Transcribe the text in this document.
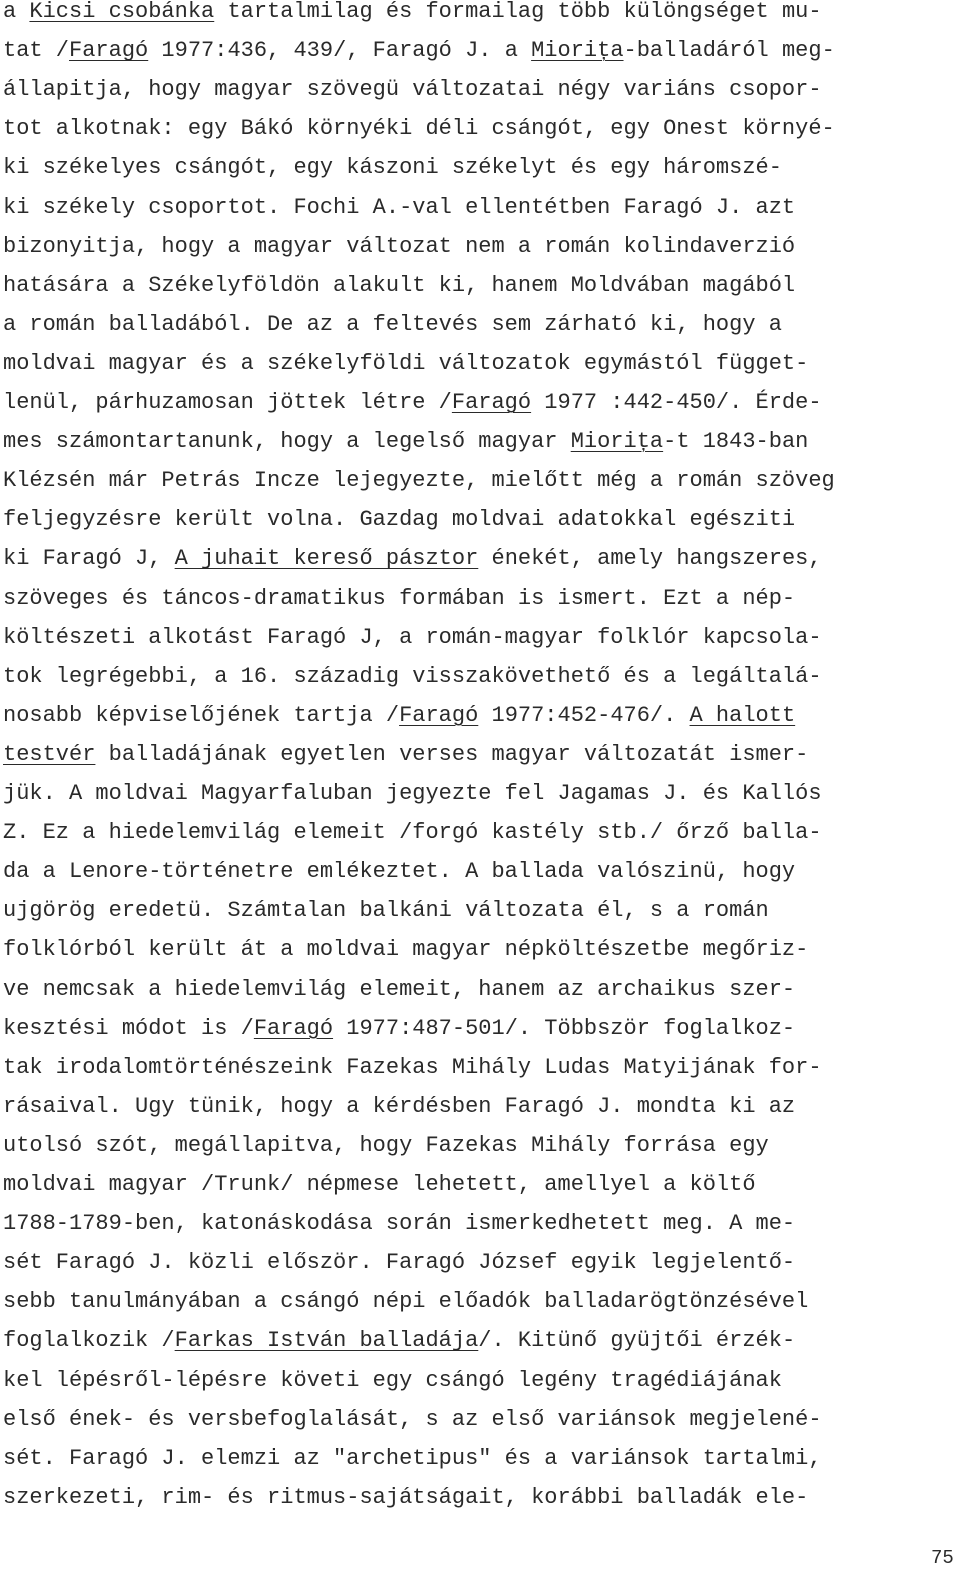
a Kicsi csobánka tartalmilag és formailag több különgséget mu-
tat /Faragó 1977:436, 439/, Faragó J. a Miorița-balladáról meg-
állapitja, hogy magyar szövegü változatai négy variáns csopor-
tot alkotnak: egy Bákó környéki déli csángót, egy Onest környé-
ki székelyes csángót, egy kászoni székelyt és egy háromszé-
ki székely csoportot. Fochi A.-val ellentétben Faragó J. azt
bizonyitja, hogy a magyar változat nem a román kolindaverzió
hatására a Székelyföldön alakult ki, hanem Moldvában magából
a román balladából. De az a feltevés sem zárható ki, hogy a
moldvai magyar és a székelyföldi változatok egymástól függet-
lenül, párhuzamosan jöttek létre /Faragó 1977 :442-450/. Érde-
mes számontartanunk, hogy a legelső magyar Miorița-t 1843-ban
Klézsén már Petrás Incze lejegyezte, mielőtt még a román szöveg
feljegyzésre került volna. Gazdag moldvai adatokkal egésziti
ki Faragó J, A juhait kereső pásztor énekét, amely hangszeres,
szöveges és táncos-dramatikus formában is ismert. Ezt a nép-
költészeti alkotást Faragó J, a román-magyar folklór kapcsola-
tok legrégebbi, a 16. századig visszakövethető és a legáltalá-
nosabb képviselőjének tartja /Faragó 1977:452-476/. A halott
testvér balladájának egyetlen verses magyar változatát ismer-
jük. A moldvai Magyarfaluban jegyezte fel Jagamas J. és Kallós
Z. Ez a hiedelemvilág elemeit /forgó kastély stb./ őrző balla-
da a Lenore-történetre emlékeztet. A ballada valószinü, hogy
ujgörög eredetü. Számtalan balkáni változata él, s a román
folklórból került át a moldvai magyar népköltészetbe megőriz-
ve nemcsak a hiedelemvilág elemeit, hanem az archaikus szer-
kesztési módot is /Faragó 1977:487-501/. Többször foglalkoz-
tak irodalomtörténészeink Fazekas Mihály Ludas Matyijának for-
rásaival. Ugy tünik, hogy a kérdésben Faragó J. mondta ki az
utolsó szót, megállapitva, hogy Fazekas Mihály forrása egy
moldvai magyar /Trunk/ népmese lehetett, amellyel a költő
1788-1789-ben, katonáskodása során ismerkedhetett meg. A me-
sét Faragó J. közli először. Faragó József egyik legjelentő-
sebb tanulmányában a csángó népi előadók balladarögtönzésével
foglalkozik /Farkas István balladája/. Kitünő gyüjtői érzék-
kel lépésről-lépésre követi egy csángó legény tragédiájának
első ének- és versbefoglalását, s az első variánsok megjelené-
sét. Faragó J. elemzi az "archetipus" és a variánsok tartalmi,
szerkezeti, rim- és ritmus-sajátságait, korábbi balladák ele-
75
